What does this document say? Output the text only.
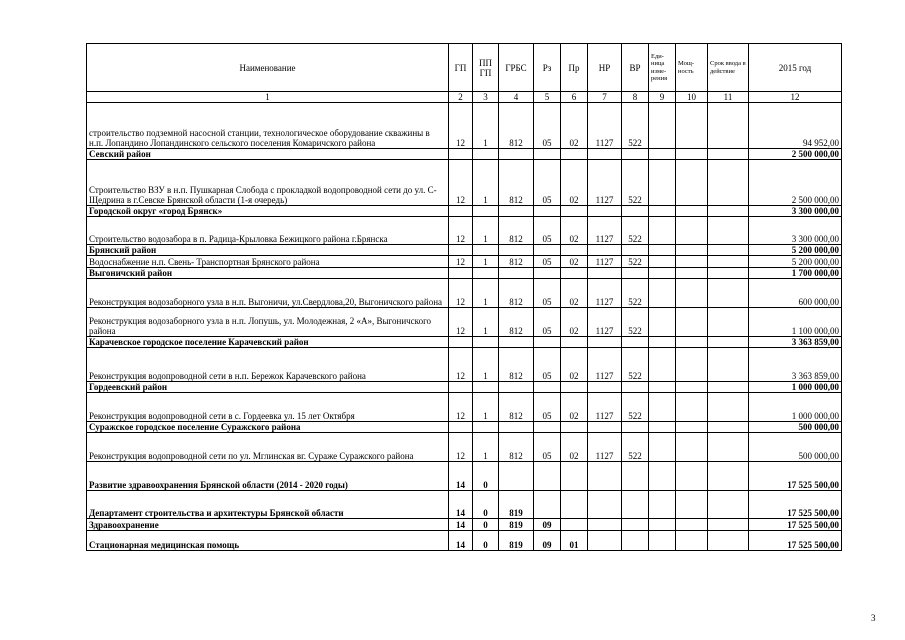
Наименование	ГП	ПП ГП	ГРБС	Рз	Пр	НР	ВР	Еди-ница изме-рения	Мощ-ность	Срок ввода в действие	2015 год
1	2	3	4	5	6	7	8	9	10	11	12
строительство подземной насосной станции, технологическое оборудование скважины в н.п. Лопандино Лопандинского сельского поселения Комаричского района	12	1	812	05	02	1127	522				94 952,00
Севский район											2 500 000,00
Строительство ВЗУ в н.п. Пушкарная Слобода с прокладкой водопроводной сети до ул. С-Щедрина в г.Севске Брянской области (1-я очередь)	12	1	812	05	02	1127	522				2 500 000,00
Городской округ «город Брянск»											3 300 000,00
Строительство водозабора в п. Радица-Крыловка Бежицкого района г.Брянска	12	1	812	05	02	1127	522				3 300 000,00
Брянский район											5 200 000,00
Водоснабжение н.п. Свень- Транспортная Брянского района	12	1	812	05	02	1127	522				5 200 000,00
Выгоничский район											1 700 000,00
Реконструкция водозаборного узла в н.п. Выгоничи, ул.Свердлова,20, Выгоничского района	12	1	812	05	02	1127	522				600 000,00
Реконструкция водозаборного узла в н.п. Лопушь, ул. Молодежная, 2 «А», Выгоничского района	12	1	812	05	02	1127	522				1 100 000,00
Карачевское городское поселение Карачевский район											3 363 859,00
Реконструкция водопроводной сети в н.п. Бережок Карачевского района	12	1	812	05	02	1127	522				3 363 859,00
Гордеевский район											1 000 000,00
Реконструкция водопроводной сети в с. Гордеевка ул. 15 лет Октября	12	1	812	05	02	1127	522				1 000 000,00
Суражское городское поселение Суражского района											500 000,00
Реконструкция водопроводной сети по ул. Мглинская вг. Сураже Суражского района	12	1	812	05	02	1127	522				500 000,00
Развитие здравоохранения Брянской области (2014 - 2020 годы)	14	0									17 525 500,00
Департамент строительства и архитектуры Брянской области	14	0	819								17 525 500,00
Здравоохранение	14	0	819	09							17 525 500,00
Стационарная медицинская помощь	14	0	819	09	01						17 525 500,00
3
